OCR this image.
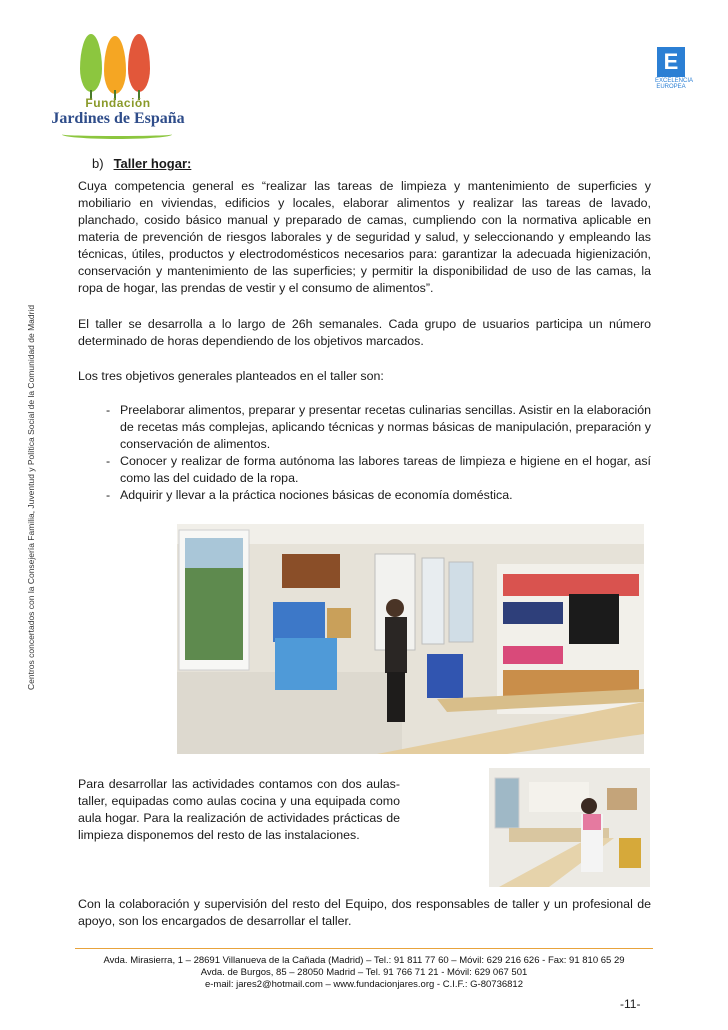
Fundación
Jardines de España
E
EXCELENCIA EUROPEA
Centros concertados con la Consejería Familia, Juventud y Política Social de la Comunidad de Madrid
b) Taller hogar:

Cuya competencia general es “realizar las tareas de limpieza y mantenimiento de superficies y mobiliario en viviendas, edificios y locales, elaborar alimentos y realizar las tareas de lavado, planchado, cosido básico manual y preparado de camas, cumpliendo con la normativa aplicable en materia de prevención de riesgos laborales y de seguridad y salud, y seleccionando y empleando las técnicas, útiles, productos y electrodomésticos necesarios para: garantizar la adecuada higienización, conservación y mantenimiento de las superficies; y permitir la disponibilidad de uso de las camas, la ropa de hogar, las prendas de vestir y el consumo de alimentos”.

El taller se desarrolla a lo largo de 26h semanales. Cada grupo de usuarios participa un número determinado de horas dependiendo de los objetivos marcados.

Los tres objetivos generales planteados en el taller son:

- Preelaborar alimentos, preparar y presentar recetas culinarias sencillas. Asistir en la elaboración de recetas más complejas, aplicando técnicas y normas básicas de manipulación, preparación y conservación de alimentos.
- Conocer y realizar de forma autónoma las labores tareas de limpieza e higiene en el hogar, así como las del cuidado de la ropa.
- Adquirir y llevar a la práctica nociones básicas de economía doméstica.

Para desarrollar las actividades contamos con dos aulas-taller, equipadas como aulas cocina y una equipada como aula hogar. Para la realización de actividades prácticas de limpieza disponemos del resto de las instalaciones.

Con la colaboración y supervisión del resto del Equipo, dos responsables de taller y un profesional de apoyo, son los encargados de desarrollar el taller.

Avda. Mirasierra, 1 – 28691 Villanueva de la Cañada (Madrid) – Tel.: 91 811 77 60 – Móvil: 629 216 626 - Fax: 91 810 65 29
Avda. de Burgos, 85 – 28050 Madrid – Tel. 91 766 71 21 - Móvil: 629 067 501
e-mail: jares2@hotmail.com – www.fundacionjares.org - C.I.F.: G-80736812
-11-
